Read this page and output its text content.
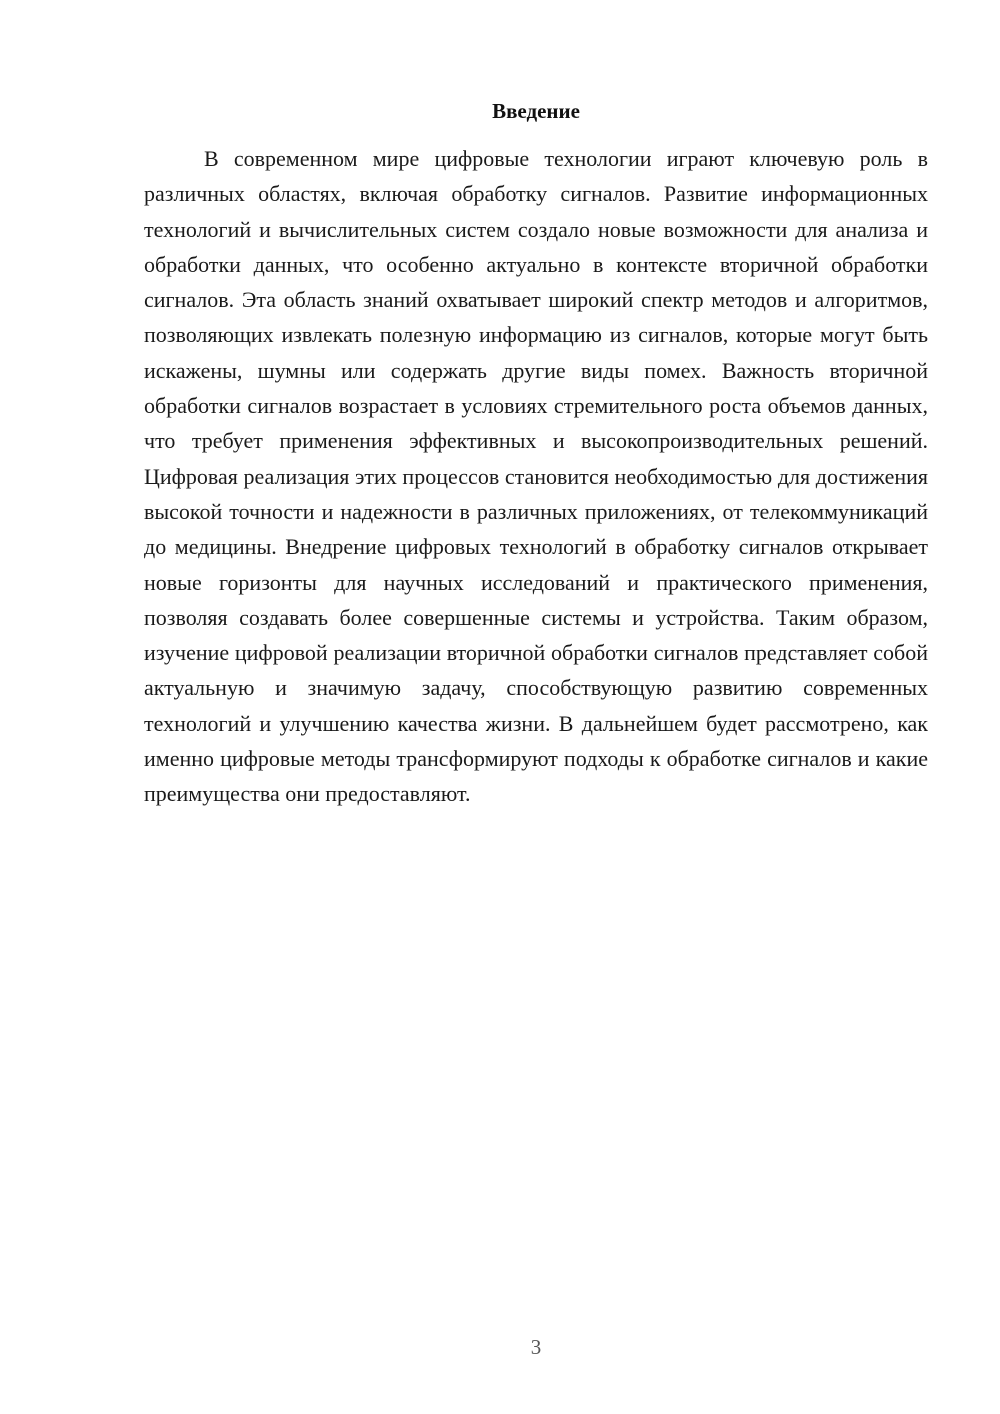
Введение

В современном мире цифровые технологии играют ключевую роль в различных областях, включая обработку сигналов. Развитие информационных технологий и вычислительных систем создало новые возможности для анализа и обработки данных, что особенно актуально в контексте вторичной обработки сигналов. Эта область знаний охватывает широкий спектр методов и алгоритмов, позволяющих извлекать полезную информацию из сигналов, которые могут быть искажены, шумны или содержать другие виды помех. Важность вторичной обработки сигналов возрастает в условиях стремительного роста объемов данных, что требует применения эффективных и высокопроизводительных решений. Цифровая реализация этих процессов становится необходимостью для достижения высокой точности и надежности в различных приложениях, от телекоммуникаций до медицины. Внедрение цифровых технологий в обработку сигналов открывает новые горизонты для научных исследований и практического применения, позволяя создавать более совершенные системы и устройства. Таким образом, изучение цифровой реализации вторичной обработки сигналов представляет собой актуальную и значимую задачу, способствующую развитию современных технологий и улучшению качества жизни. В дальнейшем будет рассмотрено, как именно цифровые методы трансформируют подходы к обработке сигналов и какие преимущества они предоставляют.

3
